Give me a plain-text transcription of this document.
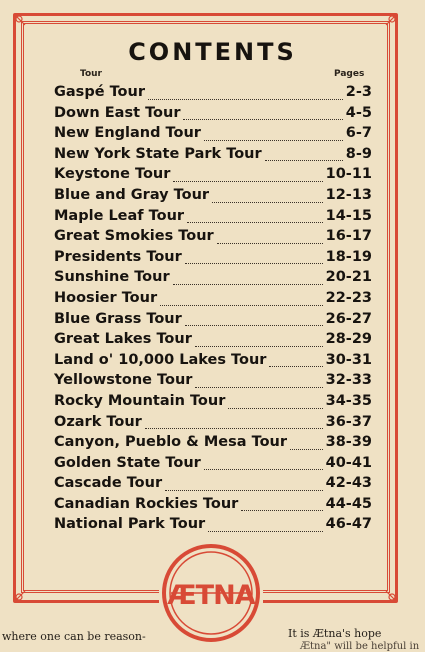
CONTENTS
Tour	Pages
Gaspé Tour	2-3
Down East Tour	4-5
New England Tour	6-7
New York State Park Tour	8-9
Keystone Tour	10-11
Blue and Gray Tour	12-13
Maple Leaf Tour	14-15
Great Smokies Tour	16-17
Presidents Tour	18-19
Sunshine Tour	20-21
Hoosier Tour	22-23
Blue Grass Tour	26-27
Great Lakes Tour	28-29
Land o' 10,000 Lakes Tour	30-31
Yellowstone Tour	32-33
Rocky Mountain Tour	34-35
Ozark Tour	36-37
Canyon, Pueblo & Mesa Tour	38-39
Golden State Tour	40-41
Cascade Tour	42-43
Canadian Rockies Tour	44-45
National Park Tour	46-47
ÆTNA
where one can be reason-	It is Ætna's hope
Ætna" will be helpful in
